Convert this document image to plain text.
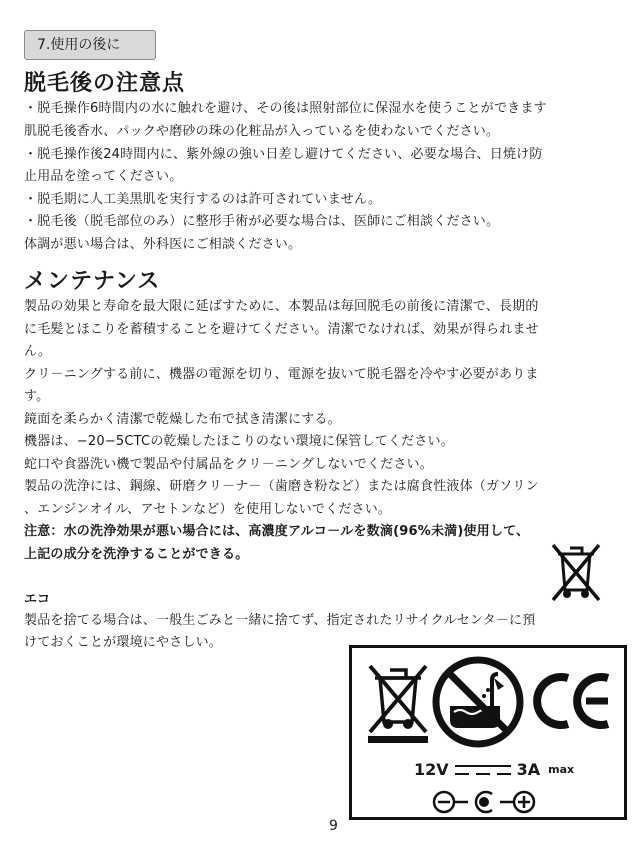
7.使用の後に
脱毛後の注意点

・脱毛操作6時間内の水に触れを避け、その後は照射部位に保湿水を使うことができます

肌脱毛後香水、パックや磨砂の珠の化粧品が入っているを使わないでください。

・脱毛操作後24時間内に、紫外線の強い日差し避けてください、必要な場合、日焼け防

止用品を塗ってください。

・脱毛期に人工美黒肌を実行するのは許可されていません。

・脱毛後（脱毛部位のみ）に整形手術が必要な場合は、医師にご相談ください。

体調が悪い場合は、外科医にご相談ください。

メンテナンス

製品の効果と寿命を最大限に延ばすために、本製品は毎回脱毛の前後に清潔で、長期的

に毛髪とほこりを蓄積することを避けてください。清潔でなければ、効果が得られませ

ん。

クリ－ニングする前に、機器の電源を切り、電源を抜いて脱毛器を冷やす必要がありま

す。

鏡面を柔らかく清潔で乾燥した布で拭き清潔にする。

機器は、−20−5CTCの乾燥したほこりのない環境に保管してください。

蛇口や食器洗い機で製品や付属品をクリ－ニングしないでください。

製品の洗浄には、鋼線、研磨クリ－ナ－（歯磨き粉など）または腐食性液体（ガソリン

、エンジンオイル、アセトンなど）を使用しないでください。

注意：水の洗浄効果が悪い場合には、高濃度アルコ－ルを数滴(96%未満)使用して、

上記の成分を洗浄することができる。

エコ

製品を捨てる場合は、一般生ごみと一緒に捨てず、指定されたリサイクルセンタ－に預

けておくことが環境にやさしい。

12V	3A max
9
